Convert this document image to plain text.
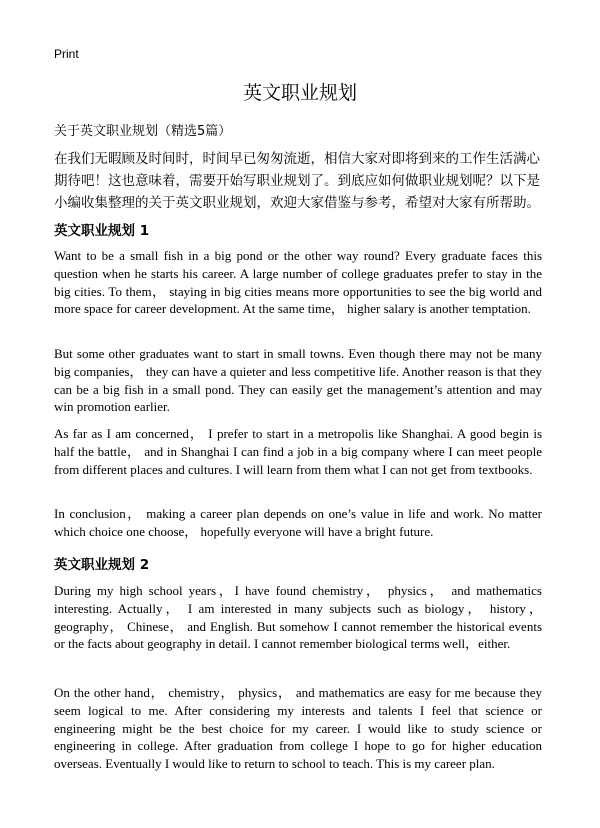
Print
英文职业规划
关于英文职业规划（精选5篇）
在我们无暇顾及时间时，时间早已匆匆流逝，相信大家对即将到来的工作生活满心期待吧！这也意味着，需要开始写职业规划了。到底应如何做职业规划呢？以下是小编收集整理的关于英文职业规划，欢迎大家借鉴与参考，希望对大家有所帮助。
英文职业规划 1
Want to be a small fish in a big pond or the other way round? Every graduate faces this question when he starts his career. A large number of college graduates prefer to stay in the big cities. To them， staying in big cities means more opportunities to see the big world and more space for career development. At the same time， higher salary is another temptation.
But some other graduates want to start in small towns. Even though there may not be many big companies， they can have a quieter and less competitive life. Another reason is that they can be a big fish in a small pond. They can easily get the management’s attention and may win promotion earlier.
As far as I am concerned， I prefer to start in a metropolis like Shanghai. A good begin is half the battle， and in Shanghai I can find a job in a big company where I can meet people from different places and cultures. I will learn from them what I can not get from textbooks.
In conclusion， making a career plan depends on one’s value in life and work. No matter which choice one choose， hopefully everyone will have a bright future.
英文职业规划 2
During my high school years，I have found chemistry， physics， and mathematics interesting. Actually， I am interested in many subjects such as biology， history， geography， Chinese， and English. But somehow I cannot remember the historical events or the facts about geography in detail. I cannot remember biological terms well，either.
On the other hand， chemistry， physics， and mathematics are easy for me because they seem logical to me. After considering my interests and talents I feel that science or engineering might be the best choice for my career. I would like to study science or engineering in college. After graduation from college I hope to go for higher education overseas. Eventually I would like to return to school to teach. This is my career plan.
